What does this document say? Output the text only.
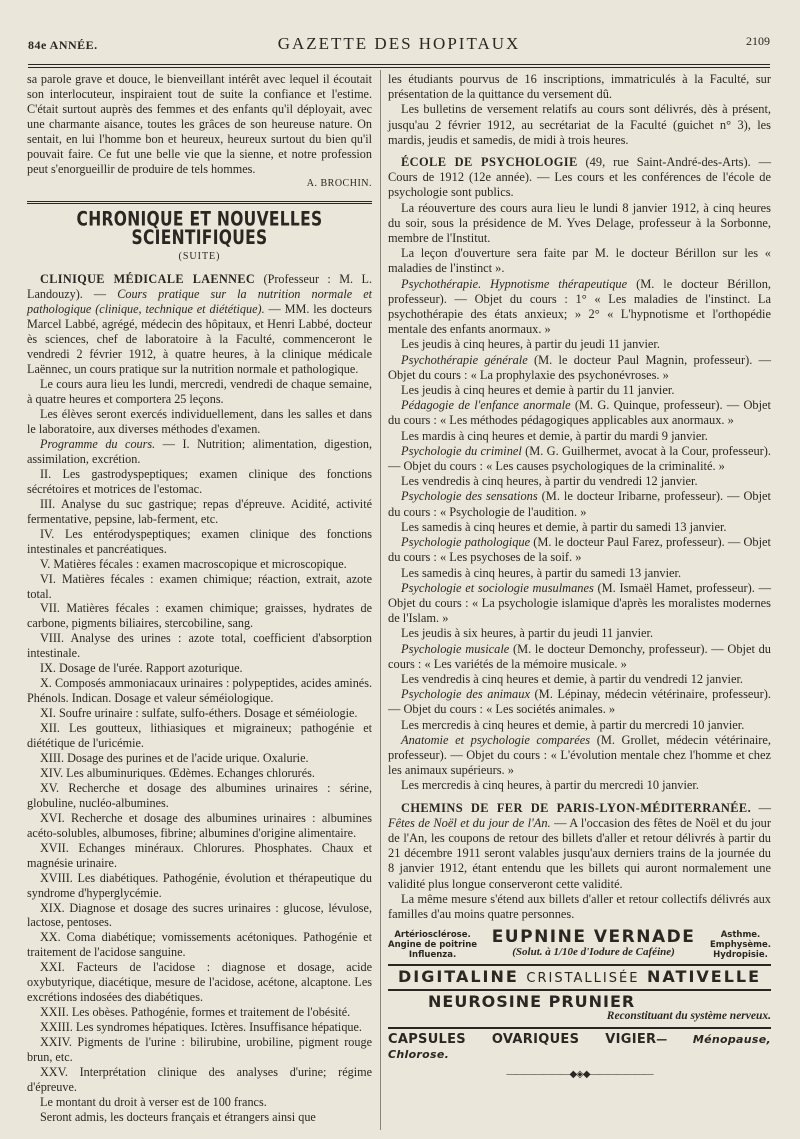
84e ANNÉE.	GAZETTE DES HOPITAUX	2109

sa parole grave et douce, le bienveillant intérêt avec lequel il écoutait son interlocuteur, inspiraient tout de suite la confiance et l'estime. C'était surtout auprès des femmes et des enfants qu'il déployait, avec une charmante aisance, toutes les grâces de son heureuse nature. On sentait, en lui l'homme bon et heureux, heureux surtout du bien qu'il pouvait faire. Ce fut une belle vie que la sienne, et notre profession peut s'enorgueillir de produire de tels hommes.

A. BROCHIN.

CHRONIQUE ET NOUVELLES SCIENTIFIQUES
(SUITE)

CLINIQUE MÉDICALE LAENNEC (Professeur : M. L. Landouzy). — Cours pratique sur la nutrition normale et pathologique (clinique, technique et diététique). — MM. les docteurs Marcel Labbé, agrégé, médecin des hôpitaux, et Henri Labbé, docteur ès sciences, chef de laboratoire à la Faculté, commenceront le vendredi 2 février 1912, à quatre heures, à la clinique médicale Laënnec, un cours pratique sur la nutrition normale et pathologique.

Le cours aura lieu les lundi, mercredi, vendredi de chaque semaine, à quatre heures et comportera 25 leçons.

Les élèves seront exercés individuellement, dans les salles et dans le laboratoire, aux diverses méthodes d'examen.

Programme du cours. — I. Nutrition; alimentation, digestion, assimilation, excrétion.

II. Les gastrodyspeptiques; examen clinique des fonctions sécrétoires et motrices de l'estomac.

III. Analyse du suc gastrique; repas d'épreuve. Acidité, activité fermentative, pepsine, lab-ferment, etc.

IV. Les entérodyspeptiques; examen clinique des fonctions intestinales et pancréatiques.

V. Matières fécales : examen macroscopique et microscopique.

VI. Matières fécales : examen chimique; réaction, extrait, azote total.

VII. Matières fécales : examen chimique; graisses, hydrates de carbone, pigments biliaires, stercobiline, sang.

VIII. Analyse des urines : azote total, coefficient d'absorption intestinale.

IX. Dosage de l'urée. Rapport azoturique.

X. Composés ammoniacaux urinaires : polypeptides, acides aminés. Phénols. Indican. Dosage et valeur séméiologique.

XI. Soufre urinaire : sulfate, sulfo-éthers. Dosage et séméiologie.

XII. Les goutteux, lithiasiques et migraineux; pathogénie et diététique de l'uricémie.

XIII. Dosage des purines et de l'acide urique. Oxalurie.

XIV. Les albuminuriques. Œdèmes. Echanges chlorurés.

XV. Recherche et dosage des albumines urinaires : sérine, globuline, nucléo-albumines.

XVI. Recherche et dosage des albumines urinaires : albumines acéto-solubles, albumoses, fibrine; albumines d'origine alimentaire.

XVII. Echanges minéraux. Chlorures. Phosphates. Chaux et magnésie urinaire.

XVIII. Les diabétiques. Pathogénie, évolution et thérapeutique du syndrome d'hyperglycémie.

XIX. Diagnose et dosage des sucres urinaires : glucose, lévulose, lactose, pentoses.

XX. Coma diabétique; vomissements acétoniques. Pathogénie et traitement de l'acidose sanguine.

XXI. Facteurs de l'acidose : diagnose et dosage, acide oxybutyrique, diacétique, mesure de l'acidose, acétone, alcaptone. Les excrétions indosées des diabétiques.

XXII. Les obèses. Pathogénie, formes et traitement de l'obésité.

XXIII. Les syndromes hépatiques. Ictères. Insuffisance hépatique.

XXIV. Pigments de l'urine : bilirubine, urobiline, pigment rouge brun, etc.

XXV. Interprétation clinique des analyses d'urine; régime d'épreuve.

Le montant du droit à verser est de 100 francs.

Seront admis, les docteurs français et étrangers ainsi que

les étudiants pourvus de 16 inscriptions, immatriculés à la Faculté, sur présentation de la quittance du versement dû.

Les bulletins de versement relatifs au cours sont délivrés, dès à présent, jusqu'au 2 février 1912, au secrétariat de la Faculté (guichet n° 3), les mardis, jeudis et samedis, de midi à trois heures.

ÉCOLE DE PSYCHOLOGIE (49, rue Saint-André-des-Arts). — Cours de 1912 (12e année). — Les cours et les conférences de l'école de psychologie sont publics.

La réouverture des cours aura lieu le lundi 8 janvier 1912, à cinq heures du soir, sous la présidence de M. Yves Delage, professeur à la Sorbonne, membre de l'Institut.

La leçon d'ouverture sera faite par M. le docteur Bérillon sur les « maladies de l'instinct ».

Psychothérapie. Hypnotisme thérapeutique (M. le docteur Bérillon, professeur). — Objet du cours : 1° « Les maladies de l'instinct. La psychothérapie des états anxieux; » 2° « L'hypnotisme et l'orthopédie mentale des enfants anormaux. »

Les jeudis à cinq heures, à partir du jeudi 11 janvier.

Psychothérapie générale (M. le docteur Paul Magnin, professeur). — Objet du cours : « La prophylaxie des psychonévroses. »

Les jeudis à cinq heures et demie à partir du 11 janvier.

Pédagogie de l'enfance anormale (M. G. Quinque, professeur). — Objet du cours : « Les méthodes pédagogiques applicables aux anormaux. »

Les mardis à cinq heures et demie, à partir du mardi 9 janvier.

Psychologie du criminel (M. G. Guilhermet, avocat à la Cour, professeur). — Objet du cours : « Les causes psychologiques de la criminalité. »

Les vendredis à cinq heures, à partir du vendredi 12 janvier.

Psychologie des sensations (M. le docteur Iribarne, professeur). — Objet du cours : « Psychologie de l'audition. »

Les samedis à cinq heures et demie, à partir du samedi 13 janvier.

Psychologie pathologique (M. le docteur Paul Farez, professeur). — Objet du cours : « Les psychoses de la soif. »

Les samedis à cinq heures, à partir du samedi 13 janvier.

Psychologie et sociologie musulmanes (M. Ismaël Hamet, professeur). — Objet du cours : « La psychologie islamique d'après les moralistes modernes de l'Islam. »

Les jeudis à six heures, à partir du jeudi 11 janvier.

Psychologie musicale (M. le docteur Demonchy, professeur). — Objet du cours : « Les variétés de la mémoire musicale. »

Les vendredis à cinq heures et demie, à partir du vendredi 12 janvier.

Psychologie des animaux (M. Lépinay, médecin vétérinaire, professeur). — Objet du cours : « Les sociétés animales. »

Les mercredis à cinq heures et demie, à partir du mercredi 10 janvier.

Anatomie et psychologie comparées (M. Grollet, médecin vétérinaire, professeur). — Objet du cours : « L'évolution mentale chez l'homme et chez les animaux supérieurs. »

Les mercredis à cinq heures, à partir du mercredi 10 janvier.

CHEMINS DE FER DE PARIS-LYON-MÉDITERRANÉE. — Fêtes de Noël et du jour de l'An. — A l'occasion des fêtes de Noël et du jour de l'An, les coupons de retour des billets d'aller et retour délivrés à partir du 21 décembre 1911 seront valables jusqu'aux derniers trains de la journée du 8 janvier 1912, étant entendu que les billets qui auront normalement une validité plus longue conserveront cette validité.

La même mesure s'étend aux billets d'aller et retour collectifs délivrés aux familles d'au moins quatre personnes.

Artériosclérose.
Angine de poitrine
Influenza.
EUPNINE VERNADE
(Solut. à 1/10e d'Iodure de Caféine)
Asthme.
Emphysème.
Hydropisie.
DIGITALINE CRISTALLISÉE NATIVELLE
NEUROSINE PRUNIER
Reconstituant du système nerveux.
CAPSULES OVARIQUES VIGIER— Ménopause, Chlorose.
———————◆◈◆———————
